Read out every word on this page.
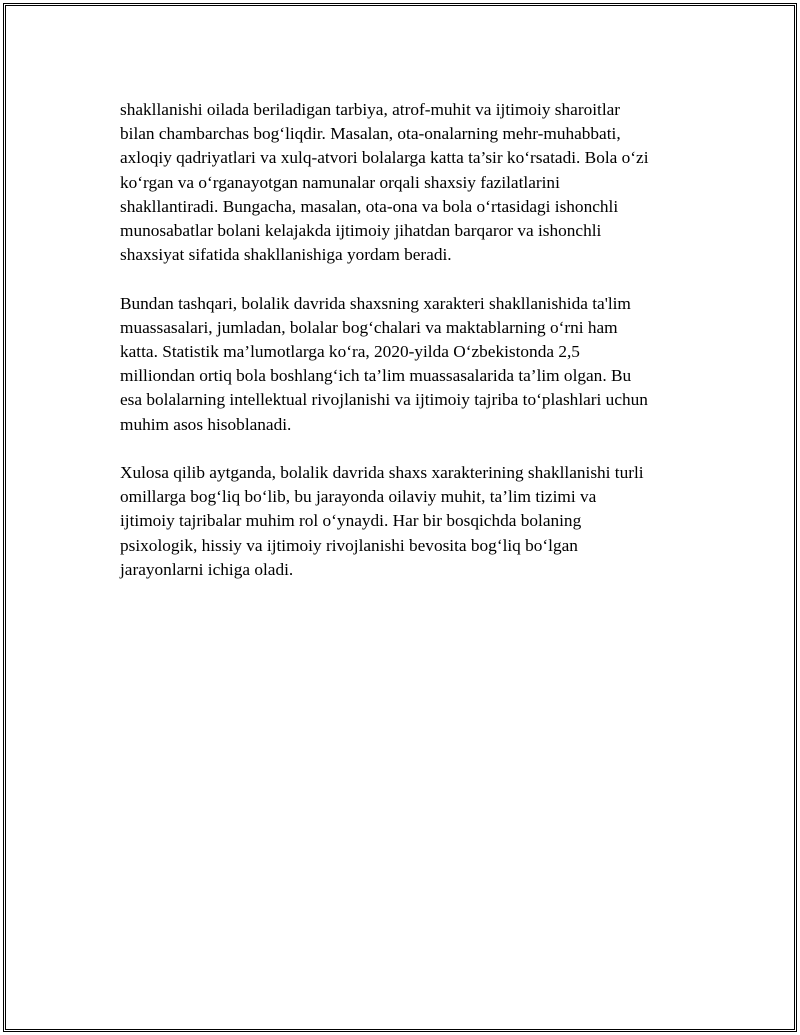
shakllanishi oilada beriladigan tarbiya, atrof-muhit va ijtimoiy sharoitlar
bilan chambarchas bog‘liqdir. Masalan, ota-onalarning mehr-muhabbati,
axloqiy qadriyatlari va xulq-atvori bolalarga katta ta’sir ko‘rsatadi. Bola o‘zi
ko‘rgan va o‘rganayotgan namunalar orqali shaxsiy fazilatlarini
shakllantiradi. Bungacha, masalan, ota-ona va bola o‘rtasidagi ishonchli
munosabatlar bolani kelajakda ijtimoiy jihatdan barqaror va ishonchli
shaxsiyat sifatida shakllanishiga yordam beradi.

Bundan tashqari, bolalik davrida shaxsning xarakteri shakllanishida ta'lim
muassasalari, jumladan, bolalar bog‘chalari va maktablarning o‘rni ham
katta. Statistik ma’lumotlarga ko‘ra, 2020-yilda O‘zbekistonda 2,5
milliondan ortiq bola boshlang‘ich ta’lim muassasalarida ta’lim olgan. Bu
esa bolalarning intellektual rivojlanishi va ijtimoiy tajriba to‘plashlari uchun
muhim asos hisoblanadi.

Xulosa qilib aytganda, bolalik davrida shaxs xarakterining shakllanishi turli
omillarga bog‘liq bo‘lib, bu jarayonda oilaviy muhit, ta’lim tizimi va
ijtimoiy tajribalar muhim rol o‘ynaydi. Har bir bosqichda bolaning
psixologik, hissiy va ijtimoiy rivojlanishi bevosita bog‘liq bo‘lgan
jarayonlarni ichiga oladi.
